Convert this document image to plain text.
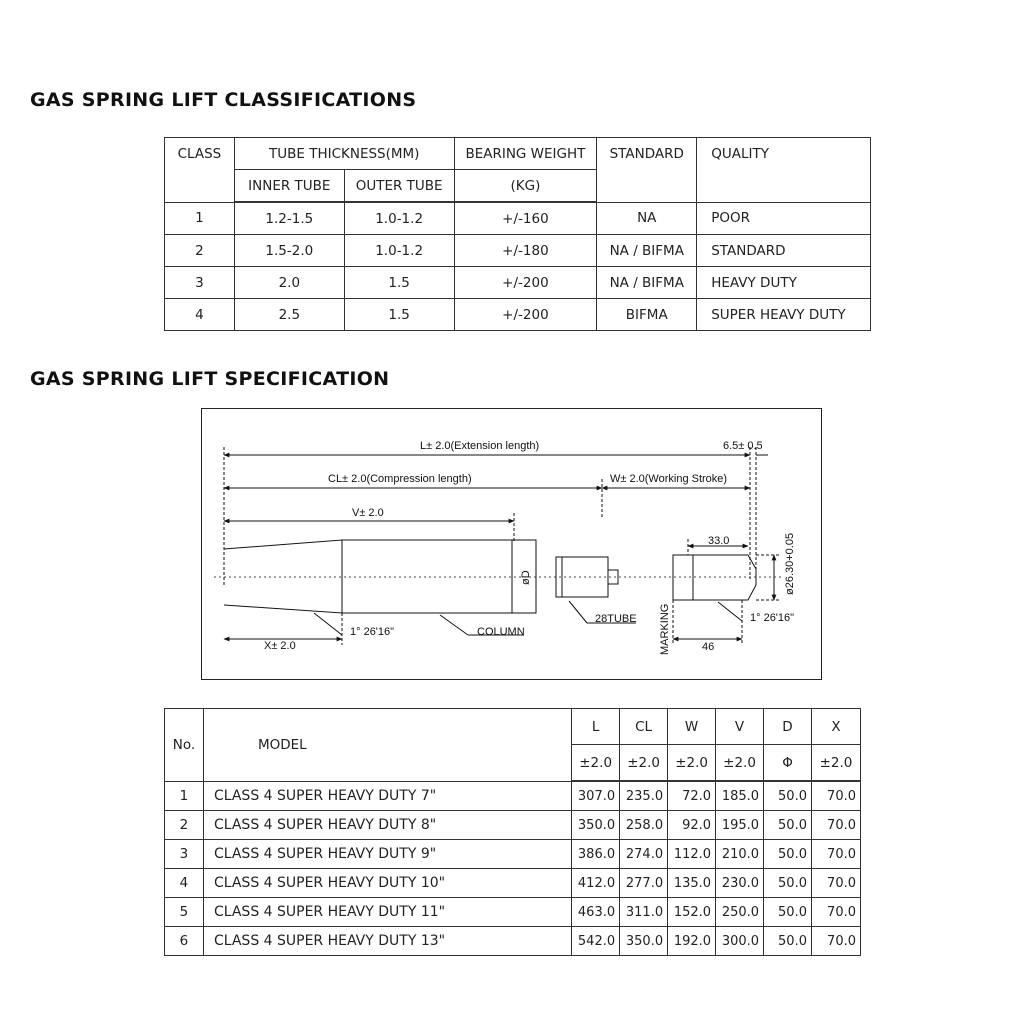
GAS SPRING LIFT CLASSIFICATIONS
CLASS	TUBE THICKNESS(MM)		BEARING WEIGHT	STANDARD	QUALITY
	INNER TUBE	OUTER TUBE	(KG)		
1	1.2-1.5	1.0-1.2	+/-160	NA	POOR
2	1.5-2.0	1.0-1.2	+/-180	NA / BIFMA	STANDARD
3	2.0	1.5	+/-200	NA / BIFMA	HEAVY DUTY
4	2.5	1.5	+/-200	BIFMA	SUPER HEAVY DUTY
GAS SPRING LIFT SPECIFICATION
L± 2.0(Extension length)	6.5± 0.5
CL± 2.0(Compression length)	W± 2.0(Working Stroke)
V± 2.0
33.0	ø26.30+0.05
øD
28TUBE MARKING
1° 26'16"
1° 26'16"
COLUMN
X± 2.0	46
No.	MODEL	L	CL	W	V	D	X
		±2.0	±2.0	±2.0	±2.0	Φ	±2.0
1	CLASS 4 SUPER HEAVY DUTY 7"	307.0	235.0	72.0	185.0	50.0	70.0
2	CLASS 4 SUPER HEAVY DUTY 8"	350.0	258.0	92.0	195.0	50.0	70.0
3	CLASS 4 SUPER HEAVY DUTY 9"	386.0	274.0	112.0	210.0	50.0	70.0
4	CLASS 4 SUPER HEAVY DUTY 10"	412.0	277.0	135.0	230.0	50.0	70.0
5	CLASS 4 SUPER HEAVY DUTY 11"	463.0	311.0	152.0	250.0	50.0	70.0
6	CLASS 4 SUPER HEAVY DUTY 13"	542.0	350.0	192.0	300.0	50.0	70.0
